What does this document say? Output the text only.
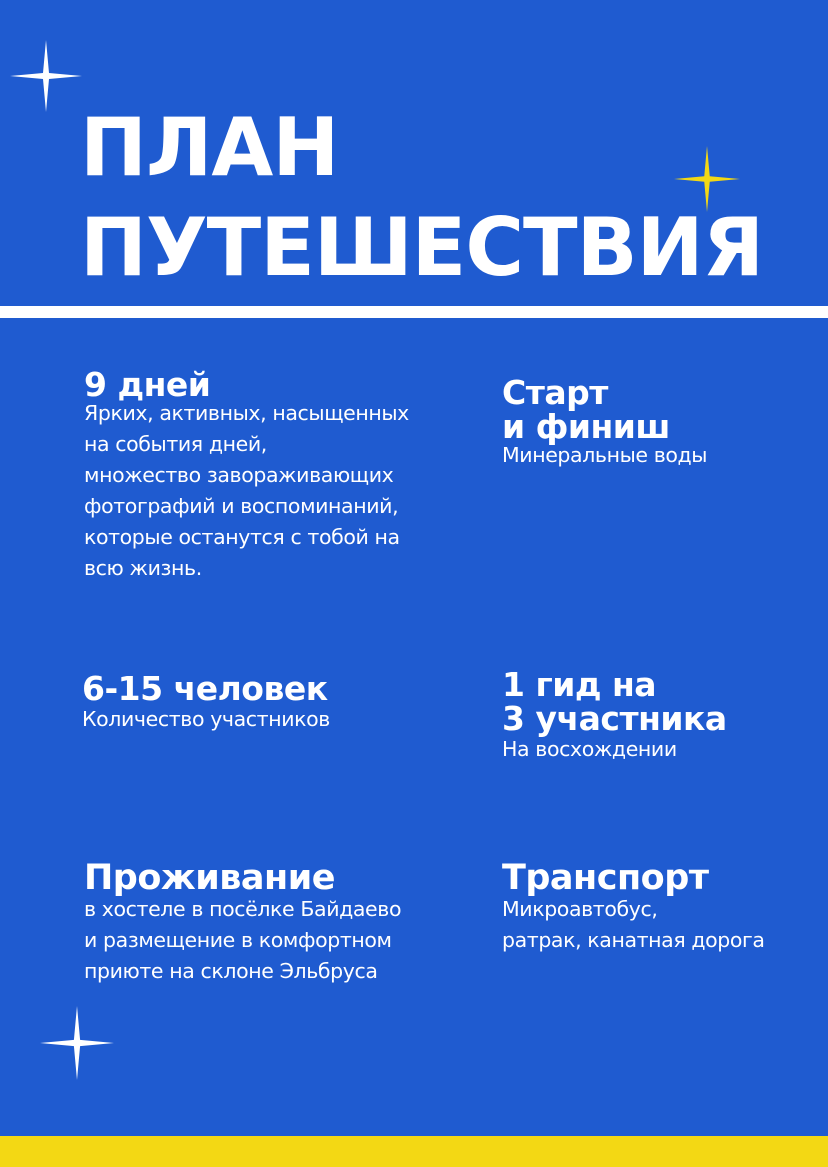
ПЛАН
ПУТЕШЕСТВИЯ
9 дней
Ярких, активных, насыщенных
на события дней,
множество завораживающих
фотографий и воспоминаний,
которые останутся с тобой на
всю жизнь.
Старт
и финиш
Минеральные воды
6-15 человек
Количество участников
1 гид на
3 участника
На восхождении
Проживание
в хостеле в посёлке Байдаево
и размещение в комфортном
приюте на склоне Эльбруса
Транспорт
Микроавтобус,
ратрак, канатная дорога
